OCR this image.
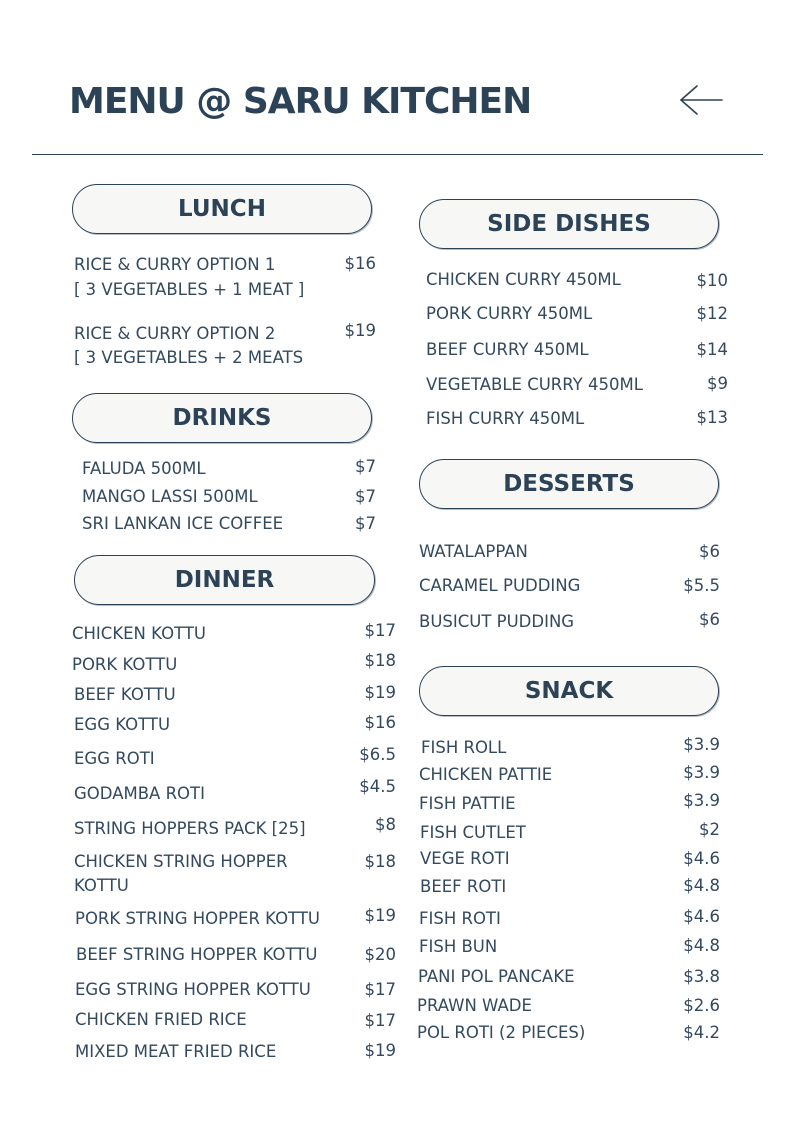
MENU @ SARU KITCHEN
LUNCH
RICE & CURRY OPTION 1
[ 3 VEGETABLES + 1 MEAT ]
$16
RICE & CURRY OPTION 2
[ 3 VEGETABLES + 2 MEATS
$19
DRINKS
FALUDA 500ML	$7
MANGO LASSI 500ML	$7
SRI LANKAN ICE COFFEE	$7
DINNER
CHICKEN KOTTU	$17
PORK KOTTU	$18
BEEF KOTTU	$19
EGG KOTTU	$16
EGG ROTI	$6.5
GODAMBA ROTI	$4.5
STRING HOPPERS PACK [25]	$8
CHICKEN STRING HOPPER
KOTTU
$18
PORK STRING HOPPER KOTTU	$19
BEEF STRING HOPPER KOTTU	$20
EGG STRING HOPPER KOTTU	$17
CHICKEN FRIED RICE	$17
MIXED MEAT FRIED RICE	$19
SIDE DISHES
CHICKEN CURRY 450ML	$10
PORK CURRY 450ML	$12
BEEF CURRY 450ML	$14
VEGETABLE CURRY 450ML	$9
FISH CURRY 450ML	$13
DESSERTS
WATALAPPAN	$6
CARAMEL PUDDING	$5.5
BUSICUT PUDDING	$6
SNACK
FISH ROLL	$3.9
CHICKEN PATTIE	$3.9
FISH PATTIE	$3.9
FISH CUTLET	$2
VEGE ROTI	$4.6
BEEF ROTI	$4.8
FISH ROTI	$4.6
FISH BUN	$4.8
PANI POL PANCAKE	$3.8
PRAWN WADE	$2.6
POL ROTI (2 PIECES)	$4.2
